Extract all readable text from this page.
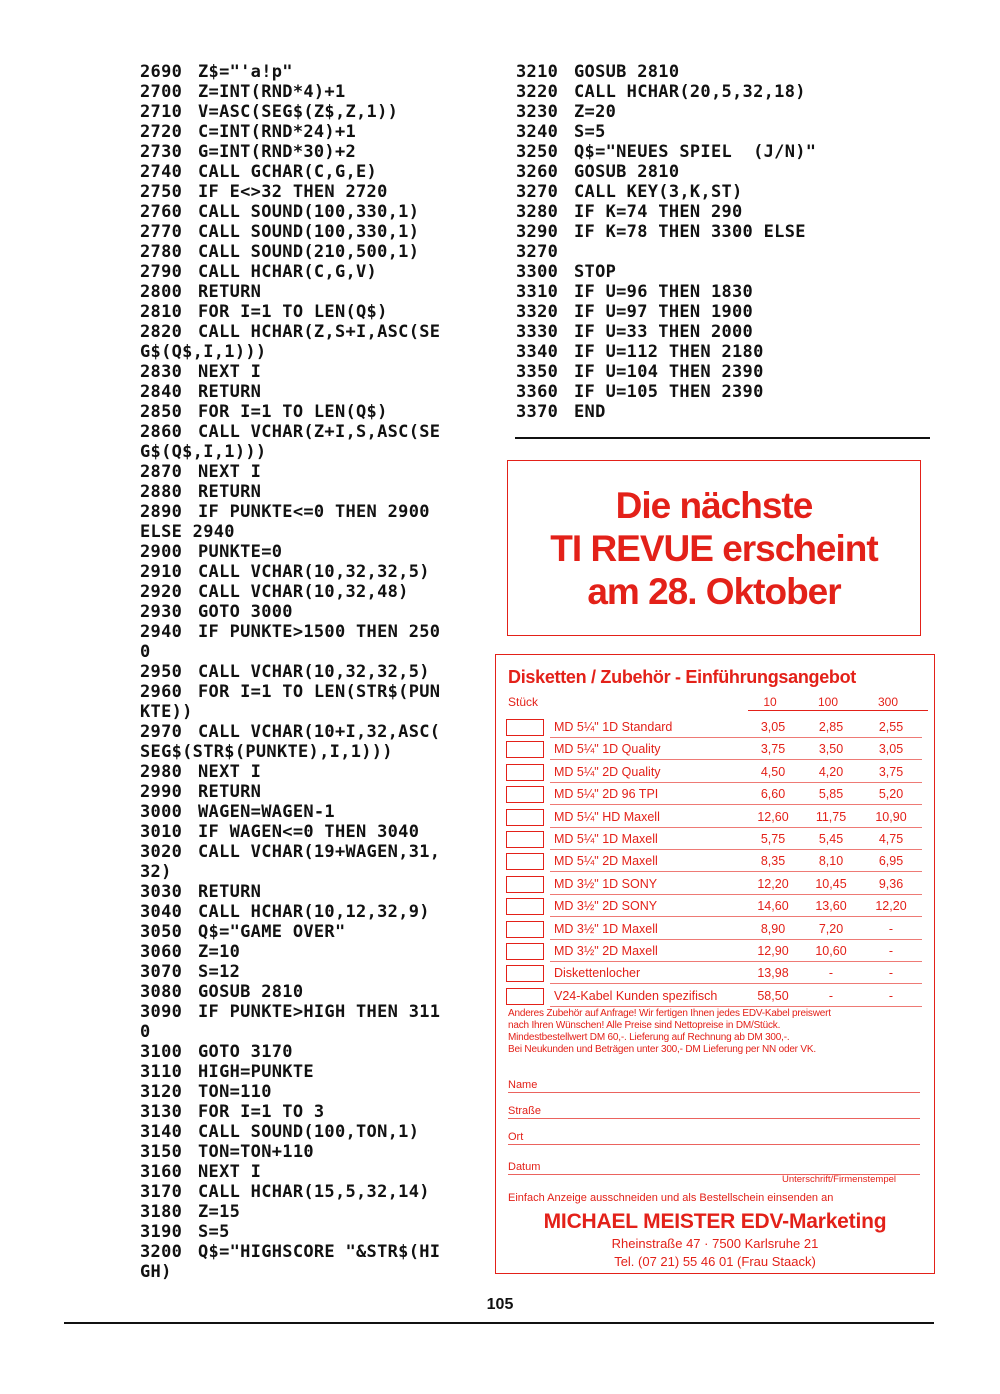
2690 Z$="'a!p"
2700 Z=INT(RND*4)+1
2710 V=ASC(SEG$(Z$,Z,1))
2720 C=INT(RND*24)+1
2730 G=INT(RND*30)+2
2740 CALL GCHAR(C,G,E)
2750 IF E<>32 THEN 2720
2760 CALL SOUND(100,330,1)
2770 CALL SOUND(100,330,1)
2780 CALL SOUND(210,500,1)
2790 CALL HCHAR(C,G,V)
2800 RETURN
2810 FOR I=1 TO LEN(Q$)
2820 CALL HCHAR(Z,S+I,ASC(SE
G$(Q$,I,1)))
2830 NEXT I
2840 RETURN
2850 FOR I=1 TO LEN(Q$)
2860 CALL VCHAR(Z+I,S,ASC(SE
G$(Q$,I,1)))
2870 NEXT I
2880 RETURN
2890 IF PUNKTE<=0 THEN 2900
ELSE 2940
2900 PUNKTE=0
2910 CALL VCHAR(10,32,32,5)
2920 CALL VCHAR(10,32,48)
2930 GOTO 3000
2940 IF PUNKTE>1500 THEN 250
0
2950 CALL VCHAR(10,32,32,5)
2960 FOR I=1 TO LEN(STR$(PUN
KTE))
2970 CALL VCHAR(10+I,32,ASC(
SEG$(STR$(PUNKTE),I,1)))
2980 NEXT I
2990 RETURN
3000 WAGEN=WAGEN-1
3010 IF WAGEN<=0 THEN 3040
3020 CALL VCHAR(19+WAGEN,31,
32)
3030 RETURN
3040 CALL HCHAR(10,12,32,9)
3050 Q$="GAME OVER"
3060 Z=10
3070 S=12
3080 GOSUB 2810
3090 IF PUNKTE>HIGH THEN 311
0
3100 GOTO 3170
3110 HIGH=PUNKTE
3120 TON=110
3130 FOR I=1 TO 3
3140 CALL SOUND(100,TON,1)
3150 TON=TON+110
3160 NEXT I
3170 CALL HCHAR(15,5,32,14)
3180 Z=15
3190 S=5
3200 Q$="HIGHSCORE "&STR$(HI
GH)
3210 GOSUB 2810
3220 CALL HCHAR(20,5,32,18)
3230 Z=20
3240 S=5
3250 Q$="NEUES SPIEL  (J/N)"
3260 GOSUB 2810
3270 CALL KEY(3,K,ST)
3280 IF K=74 THEN 290
3290 IF K=78 THEN 3300 ELSE
3270
3300 STOP
3310 IF U=96 THEN 1830
3320 IF U=97 THEN 1900
3330 IF U=33 THEN 2000
3340 IF U=112 THEN 2180
3350 IF U=104 THEN 2390
3360 IF U=105 THEN 2390
3370 END
Die nächste
TI REVUE erscheint
am 28. Oktober
Disketten / Zubehör - Einführungsangebot
Stück	10	100	300
MD 5¼" 1D Standard	3,05	2,85	2,55
MD 5¼" 1D Quality	3,75	3,50	3,05
MD 5¼" 2D Quality	4,50	4,20	3,75
MD 5¼" 2D 96 TPI	6,60	5,85	5,20
MD 5¼" HD Maxell	12,60	11,75	10,90
MD 5¼" 1D Maxell	5,75	5,45	4,75
MD 5¼" 2D Maxell	8,35	8,10	6,95
MD 3½" 1D SONY	12,20	10,45	9,36
MD 3½" 2D SONY	14,60	13,60	12,20
MD 3½" 1D Maxell	8,90	7,20	-
MD 3½" 2D Maxell	12,90	10,60	-
Diskettenlocher	13,98	-	-
V24-Kabel Kunden spezifisch	58,50	-	-
Anderes Zubehör auf Anfrage! Wir fertigen Ihnen jedes EDV-Kabel preiswert
nach Ihren Wünschen! Alle Preise sind Nettopreise in DM/Stück.
Mindestbestellwert DM 60,-. Lieferung auf Rechnung ab DM 300,-.
Bei Neukunden und Beträgen unter 300,- DM Lieferung per NN oder VK.
Name
Straße
Ort
Datum
Unterschrift/Firmenstempel
Einfach Anzeige ausschneiden und als Bestellschein einsenden an
MICHAEL MEISTER EDV-Marketing
Rheinstraße 47 · 7500 Karlsruhe 21
Tel. (07 21) 55 46 01 (Frau Staack)
105
